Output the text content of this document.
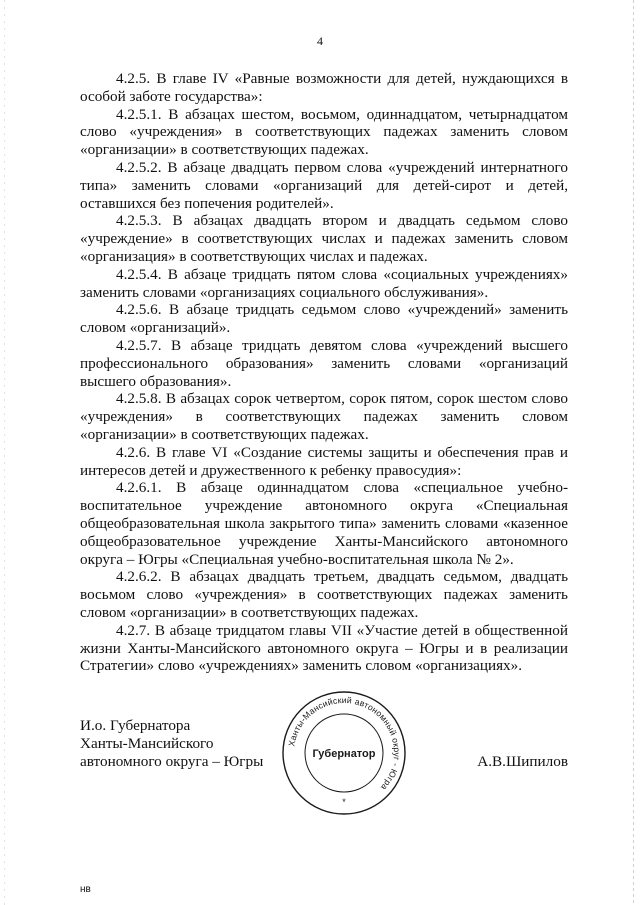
4

4.2.5. В главе IV «Равные возможности для детей, нуждающихся в особой заботе государства»:

4.2.5.1. В абзацах шестом, восьмом, одиннадцатом, четырнадцатом слово «учреждения» в соответствующих падежах заменить словом «организации» в соответствующих падежах.

4.2.5.2. В абзаце двадцать первом слова «учреждений интернатного типа» заменить словами «организаций для детей-сирот и детей, оставшихся без попечения родителей».

4.2.5.3. В абзацах двадцать втором и двадцать седьмом слово «учреждение» в соответствующих числах и падежах заменить словом «организация» в соответствующих числах и падежах.

4.2.5.4. В абзаце тридцать пятом слова «социальных учреждениях» заменить словами «организациях социального обслуживания».

4.2.5.6. В абзаце тридцать седьмом слово «учреждений» заменить словом «организаций».

4.2.5.7. В абзаце тридцать девятом слова «учреждений высшего профессионального образования» заменить словами «организаций высшего образования».

4.2.5.8. В абзацах сорок четвертом, сорок пятом, сорок шестом слово «учреждения» в соответствующих падежах заменить словом «организации» в соответствующих падежах.

4.2.6. В главе VI «Создание системы защиты и обеспечения прав и интересов детей и дружественного к ребенку правосудия»:

4.2.6.1. В абзаце одиннадцатом слова «специальное учебно-воспитательное учреждение автономного округа «Специальная общеобразовательная школа закрытого типа» заменить словами «казенное общеобразовательное учреждение Ханты-Мансийского автономного округа – Югры «Специальная учебно-воспитательная школа № 2».

4.2.6.2. В абзацах двадцать третьем, двадцать седьмом, двадцать восьмом слово «учреждения» в соответствующих падежах заменить словом «организации» в соответствующих падежах.

4.2.7. В абзаце тридцатом главы VII «Участие детей в общественной жизни Ханты-Мансийского автономного округа – Югры и в реализации Стратегии» слово «учреждениях» заменить словом «организациях».

И.о. Губернатора
Ханты-Мансийского
автономного округа – Югры
Ханты-Мансийский автономный округ - Югра
Губернатор
*
А.В.Шипилов
нв
